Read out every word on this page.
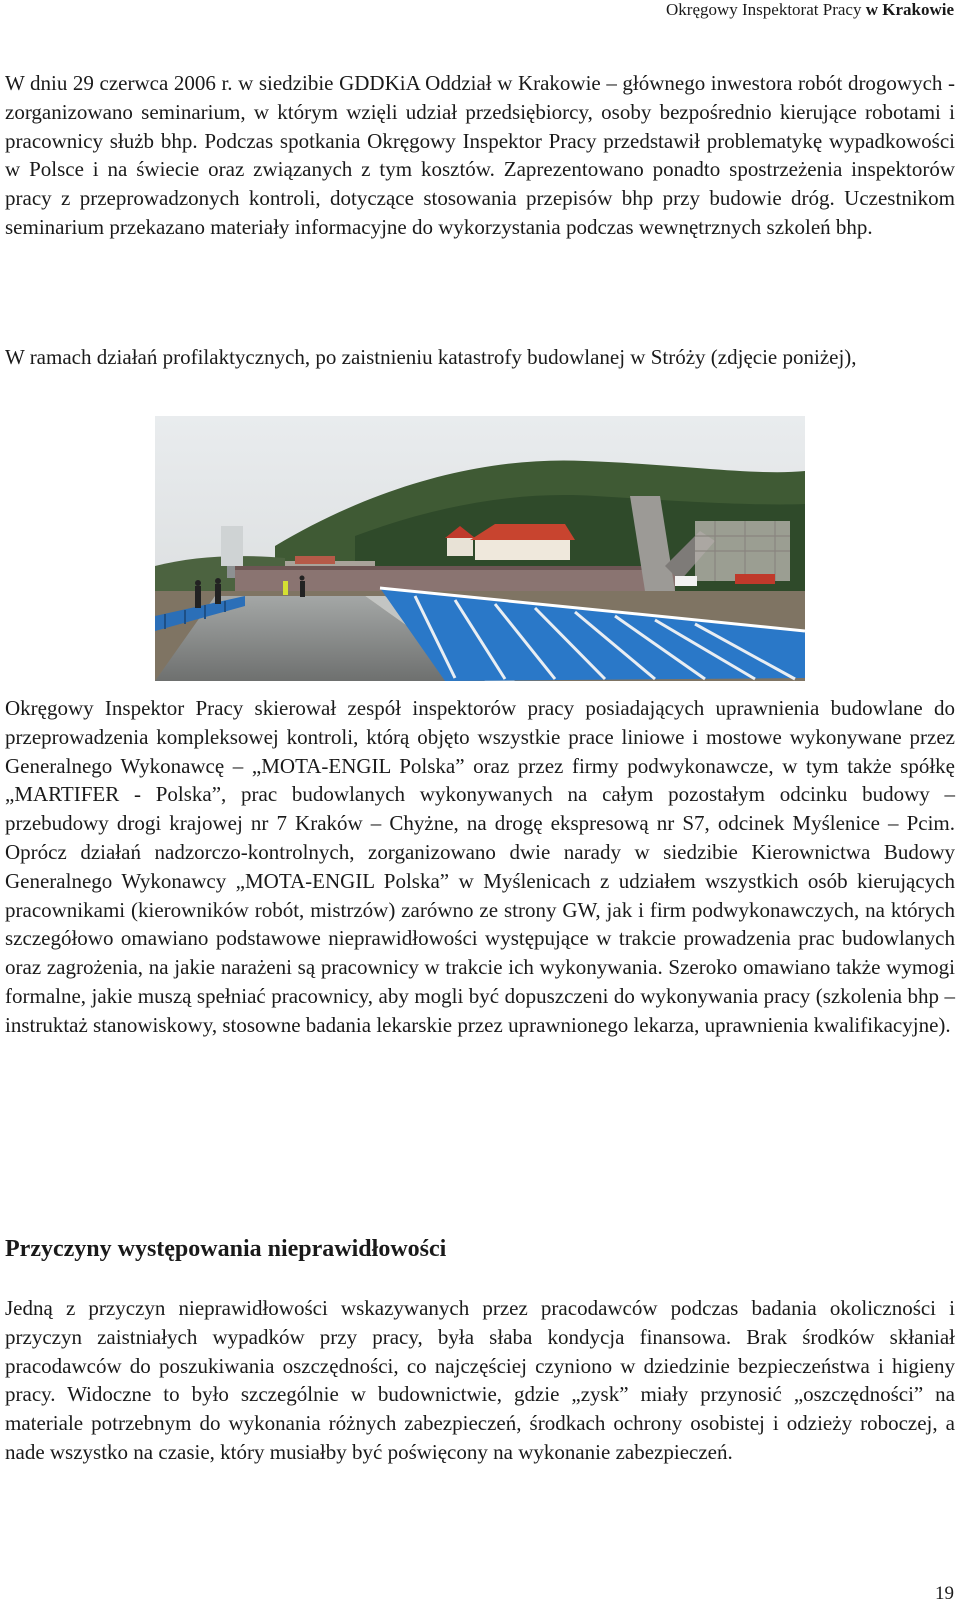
Okręgowy Inspektorat Pracy w Krakowie

W dniu 29 czerwca 2006 r. w siedzibie GDDKiA Oddział w Krakowie – głównego inwestora robót drogowych - zorganizowano seminarium, w którym wzięli udział przedsiębiorcy, osoby bezpośrednio kierujące robotami i pracownicy służb bhp. Podczas spotkania Okręgowy Inspektor Pracy przedstawił problematykę wypadkowości w Polsce i na świecie oraz związanych z tym kosztów. Zaprezentowano ponadto spostrzeżenia inspektorów pracy z przeprowadzonych kontroli, dotyczące stosowania przepisów bhp przy budowie dróg. Uczestnikom seminarium przekazano materiały informacyjne do wykorzystania podczas wewnętrznych szkoleń bhp.

W ramach działań profilaktycznych, po zaistnieniu katastrofy budowlanej w Stróży (zdjęcie poniżej),

Okręgowy Inspektor Pracy skierował zespół inspektorów pracy posiadających uprawnienia budowlane do przeprowadzenia kompleksowej kontroli, którą objęto wszystkie prace liniowe i mostowe wykonywane przez Generalnego Wykonawcę – „MOTA-ENGIL Polska” oraz przez firmy podwykonawcze, w tym także spółkę „MARTIFER - Polska”, prac budowlanych wykonywanych na całym pozostałym odcinku budowy – przebudowy drogi krajowej nr 7 Kraków – Chyżne, na drogę ekspresową nr S7, odcinek Myślenice – Pcim. Oprócz działań nadzorczo-kontrolnych, zorganizowano dwie narady w siedzibie Kierownictwa Budowy Generalnego Wykonawcy „MOTA-ENGIL Polska” w Myślenicach z udziałem wszystkich osób kierujących pracownikami (kierowników robót, mistrzów) zarówno ze strony GW, jak i firm podwykonawczych, na których szczegółowo omawiano podstawowe nieprawidłowości występujące w trakcie prowadzenia prac budowlanych oraz zagrożenia, na jakie narażeni są pracownicy w trakcie ich wykonywania. Szeroko omawiano także wymogi formalne, jakie muszą spełniać pracownicy, aby mogli być dopuszczeni do wykonywania pracy (szkolenia bhp – instruktaż stanowiskowy, stosowne badania lekarskie przez uprawnionego lekarza, uprawnienia kwalifikacyjne).

Przyczyny występowania nieprawidłowości

Jedną z przyczyn nieprawidłowości wskazywanych przez pracodawców podczas badania okoliczności i przyczyn zaistniałych wypadków przy pracy, była słaba kondycja finansowa. Brak środków skłaniał pracodawców do poszukiwania oszczędności, co najczęściej czyniono w dziedzinie bezpieczeństwa i higieny pracy. Widoczne to było szczególnie w budownictwie, gdzie „zysk” miały przynosić „oszczędności” na materiale potrzebnym do wykonania różnych zabezpieczeń, środkach ochrony osobistej i odzieży roboczej, a nade wszystko na czasie, który musiałby być poświęcony na wykonanie zabezpieczeń.

19
